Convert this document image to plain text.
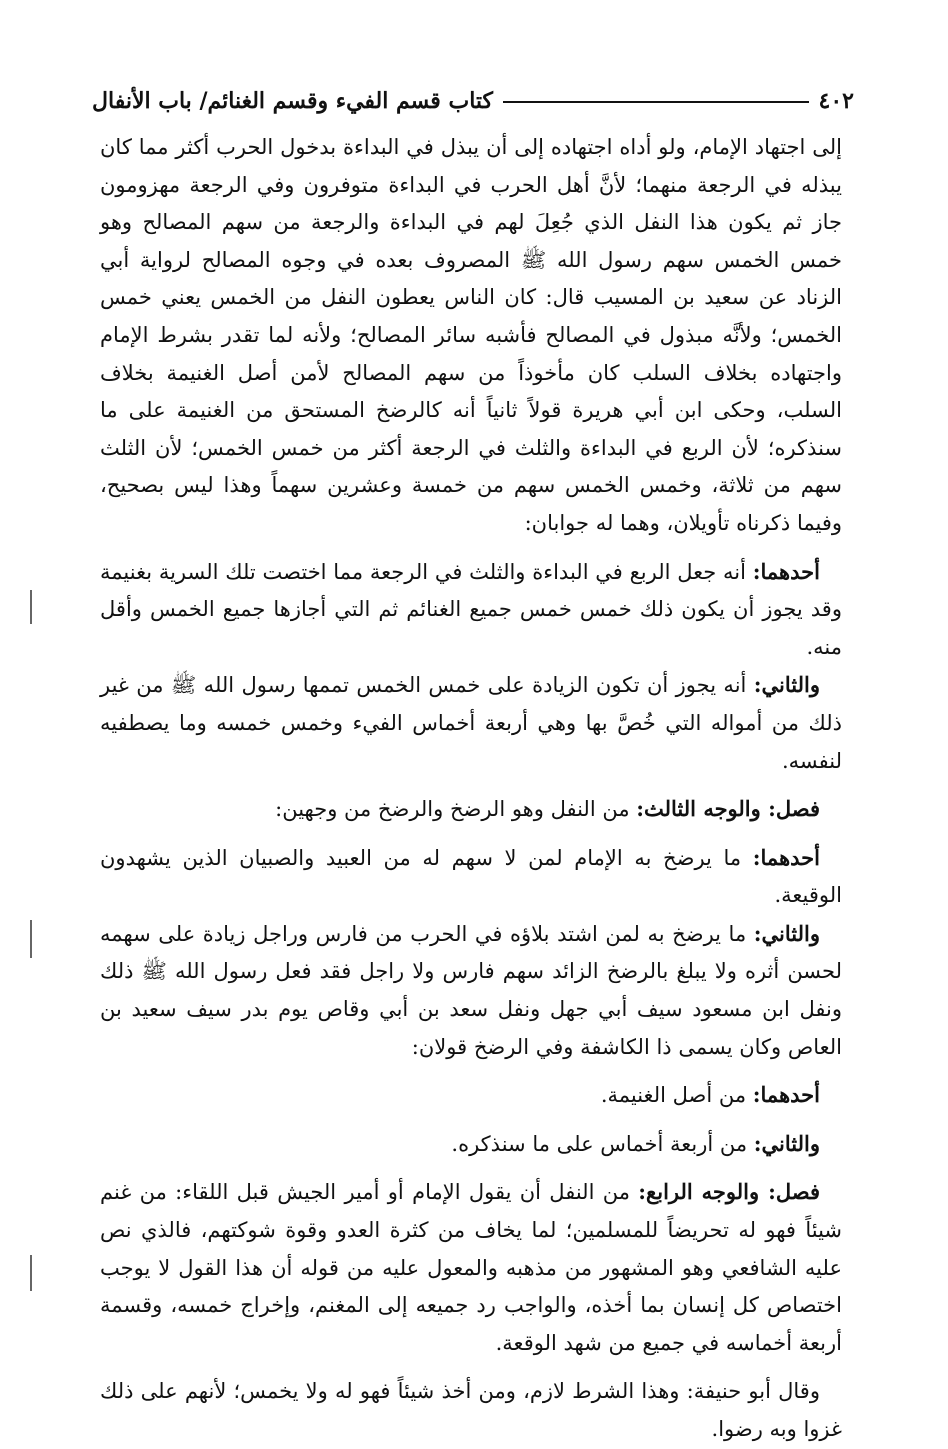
٤٠٢
كتاب قسم الفيء وقسم الغنائم/ باب الأنفال

إلى اجتهاد الإمام، ولو أداه اجتهاده إلى أن يبذل في البداءة بدخول الحرب أكثر مما كان يبذله في الرجعة منهما؛ لأنَّ أهل الحرب في البداءة متوفرون وفي الرجعة مهزومون جاز ثم يكون هذا النفل الذي جُعِلَ لهم في البداءة والرجعة من سهم المصالح وهو خمس الخمس سهم رسول الله ﷺ المصروف بعده في وجوه المصالح لرواية أبي الزناد عن سعيد بن المسيب قال: كان الناس يعطون النفل من الخمس يعني خمس الخمس؛ ولأنَّه مبذول في المصالح فأشبه سائر المصالح؛ ولأنه لما تقدر بشرط الإمام واجتهاده بخلاف السلب كان مأخوذاً من سهم المصالح لأمن أصل الغنيمة بخلاف السلب، وحكى ابن أبي هريرة قولاً ثانياً أنه كالرضخ المستحق من الغنيمة على ما سنذكره؛ لأن الربع في البداءة والثلث في الرجعة أكثر من خمس الخمس؛ لأن الثلث سهم من ثلاثة، وخمس الخمس سهم من خمسة وعشرين سهماً وهذا ليس بصحيح، وفيما ذكرناه تأويلان، وهما له جوابان:

أحدهما: أنه جعل الربع في البداءة والثلث في الرجعة مما اختصت تلك السرية بغنيمة وقد يجوز أن يكون ذلك خمس خمس جميع الغنائم ثم التي أجازها جميع الخمس وأقل منه.

والثاني: أنه يجوز أن تكون الزيادة على خمس الخمس تممها رسول الله ﷺ من غير ذلك من أمواله التي خُصَّ بها وهي أربعة أخماس الفيء وخمس خمسه وما يصطفيه لنفسه.

فصل: والوجه الثالث: من النفل وهو الرضخ والرضخ من وجهين:

أحدهما: ما يرضخ به الإمام لمن لا سهم له من العبيد والصبيان الذين يشهدون الوقيعة.

والثاني: ما يرضخ به لمن اشتد بلاؤه في الحرب من فارس وراجل زيادة على سهمه لحسن أثره ولا يبلغ بالرضخ الزائد سهم فارس ولا راجل فقد فعل رسول الله ﷺ ذلك ونفل ابن مسعود سيف أبي جهل ونفل سعد بن أبي وقاص يوم بدر سيف سعيد بن العاص وكان يسمى ذا الكاشفة وفي الرضخ قولان:

أحدهما: من أصل الغنيمة.

والثاني: من أربعة أخماس على ما سنذكره.

فصل: والوجه الرابع: من النفل أن يقول الإمام أو أمير الجيش قبل اللقاء: من غنم شيئاً فهو له تحريضاً للمسلمين؛ لما يخاف من كثرة العدو وقوة شوكتهم، فالذي نص عليه الشافعي وهو المشهور من مذهبه والمعول عليه من قوله أن هذا القول لا يوجب اختصاص كل إنسان بما أخذه، والواجب رد جميعه إلى المغنم، وإخراج خمسه، وقسمة أربعة أخماسه في جميع من شهد الوقعة.

وقال أبو حنيفة: وهذا الشرط لازم، ومن أخذ شيئاً فهو له ولا يخمس؛ لأنهم على ذلك غزوا وبه رضوا.
